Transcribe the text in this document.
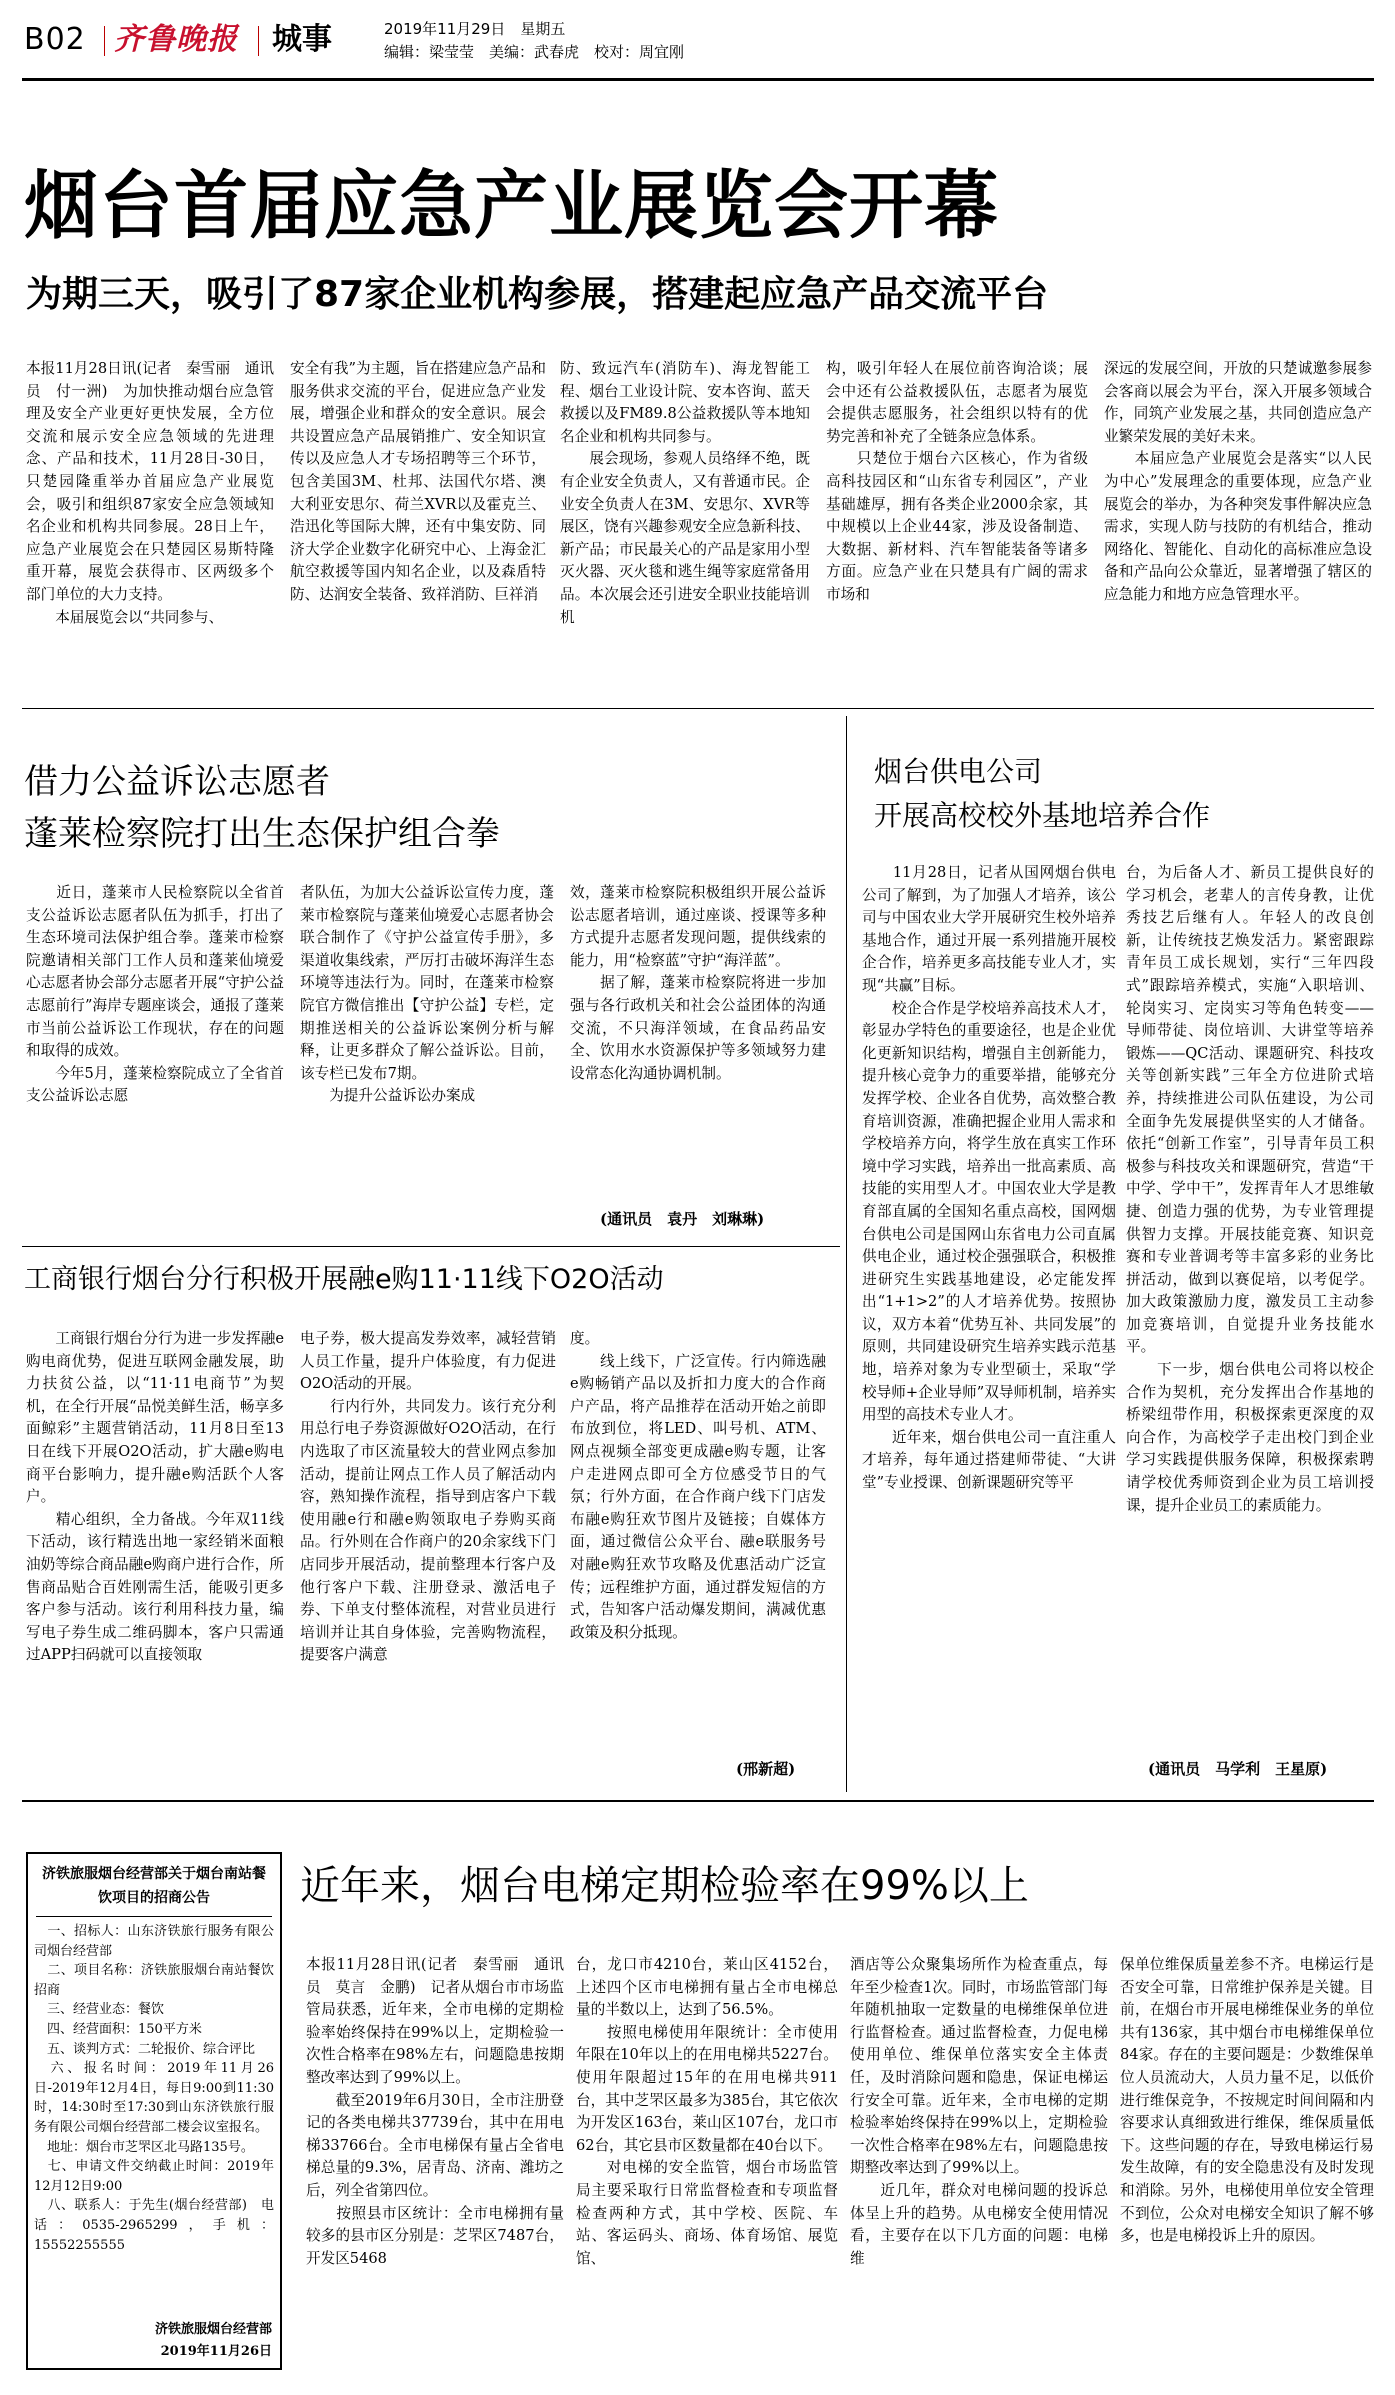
B02 齐鲁晚报 城事	2019年11月29日　星期五
编辑：梁莹莹　美编：武春虎　校对：周宜刚
烟台首届应急产业展览会开幕
为期三天，吸引了87家企业机构参展，搭建起应急产品交流平台
本报11月28日讯(记者　秦雪丽　通讯员　付一洲)　为加快推动烟台应急管理及安全产业更好更快发展，全方位交流和展示安全应急领域的先进理念、产品和技术，11月28日-30日，只楚园隆重举办首届应急产业展览会，吸引和组织87家安全应急领域知名企业和机构共同参展。28日上午，应急产业展览会在只楚园区易斯特隆重开幕，展览会获得市、区两级多个部门单位的大力支持。
　　本届展览会以“共同参与、
安全有我”为主题，旨在搭建应急产品和服务供求交流的平台，促进应急产业发展，增强企业和群众的安全意识。展会共设置应急产品展销推广、安全知识宣传以及应急人才专场招聘等三个环节，包含美国3M、杜邦、法国代尔塔、澳大利亚安思尔、荷兰XVR以及霍克兰、浩迅化等国际大牌，还有中集安防、同济大学企业数字化研究中心、上海金汇航空救援等国内知名企业，以及森盾特防、达润安全装备、致祥消防、巨祥消
防、致远汽车(消防车)、海龙智能工程、烟台工业设计院、安本咨询、蓝天救援以及FM89.8公益救援队等本地知名企业和机构共同参与。
　　展会现场，参观人员络绎不绝，既有企业安全负责人，又有普通市民。企业安全负责人在3M、安思尔、XVR等展区，饶有兴趣参观安全应急新科技、新产品；市民最关心的产品是家用小型灭火器、灭火毯和逃生绳等家庭常备用品。本次展会还引进安全职业技能培训机
构，吸引年轻人在展位前咨询洽谈；展会中还有公益救援队伍，志愿者为展览会提供志愿服务，社会组织以特有的优势完善和补充了全链条应急体系。
　　只楚位于烟台六区核心，作为省级高科技园区和“山东省专利园区”，产业基础雄厚，拥有各类企业2000余家，其中规模以上企业44家，涉及设备制造、大数据、新材料、汽车智能装备等诸多方面。应急产业在只楚具有广阔的需求市场和
深远的发展空间，开放的只楚诚邀参展参会客商以展会为平台，深入开展多领域合作，同筑产业发展之基，共同创造应急产业繁荣发展的美好未来。
　　本届应急产业展览会是落实“以人民为中心”发展理念的重要体现，应急产业展览会的举办，为各种突发事件解决应急需求，实现人防与技防的有机结合，推动网络化、智能化、自动化的高标准应急设备和产品向公众靠近，显著增强了辖区的应急能力和地方应急管理水平。
借力公益诉讼志愿者
蓬莱检察院打出生态保护组合拳
　　近日，蓬莱市人民检察院以全省首支公益诉讼志愿者队伍为抓手，打出了生态环境司法保护组合拳。蓬莱市检察院邀请相关部门工作人员和蓬莱仙境爱心志愿者协会部分志愿者开展“守护公益志愿前行”海岸专题座谈会，通报了蓬莱市当前公益诉讼工作现状，存在的问题和取得的成效。
　　今年5月，蓬莱检察院成立了全省首支公益诉讼志愿
者队伍，为加大公益诉讼宣传力度，蓬莱市检察院与蓬莱仙境爱心志愿者协会联合制作了《守护公益宣传手册》，多渠道收集线索，严厉打击破坏海洋生态环境等违法行为。同时，在蓬莱市检察院官方微信推出【守护公益】专栏，定期推送相关的公益诉讼案例分析与解释，让更多群众了解公益诉讼。目前，该专栏已发布7期。
　　为提升公益诉讼办案成
效，蓬莱市检察院积极组织开展公益诉讼志愿者培训，通过座谈、授课等多种方式提升志愿者发现问题，提供线索的能力，用“检察蓝”守护“海洋蓝”。
　　据了解，蓬莱市检察院将进一步加强与各行政机关和社会公益团体的沟通交流，不只海洋领域，在食品药品安全、饮用水水资源保护等多领域努力建设常态化沟通协调机制。
(通讯员　袁丹　刘琳琳)
工商银行烟台分行积极开展融e购11·11线下O2O活动
　　工商银行烟台分行为进一步发挥融e购电商优势，促进互联网金融发展，助力扶贫公益，以“11·11电商节”为契机，在全行开展“品悦美鲜生活，畅享多面鲸彩”主题营销活动，11月8日至13日在线下开展O2O活动，扩大融e购电商平台影响力，提升融e购活跃个人客户。
　　精心组织，全力备战。今年双11线下活动，该行精选出地一家经销米面粮油奶等综合商品融e购商户进行合作，所售商品贴合百姓刚需生活，能吸引更多客户参与活动。该行利用科技力量，编写电子券生成二维码脚本，客户只需通过APP扫码就可以直接领取
电子券，极大提高发券效率，减轻营销人员工作量，提升户体验度，有力促进O2O活动的开展。
　　行内行外，共同发力。该行充分利用总行电子券资源做好O2O活动，在行内选取了市区流量较大的营业网点参加活动，提前让网点工作人员了解活动内容，熟知操作流程，指导到店客户下载使用融e行和融e购领取电子券购买商品。行外则在合作商户的20余家线下门店同步开展活动，提前整理本行客户及他行客户下载、注册登录、激活电子券、下单支付整体流程，对营业员进行培训并让其自身体验，完善购物流程，提要客户满意
度。
　　线上线下，广泛宣传。行内筛选融e购畅销产品以及折扣力度大的合作商户产品，将产品推荐在活动开始之前即布放到位，将LED、叫号机、ATM、网点视频全部变更成融e购专题，让客户走进网点即可全方位感受节日的气氛；行外方面，在合作商户线下门店发布融e购狂欢节图片及链接；自媒体方面，通过微信公众平台、融e联服务号对融e购狂欢节攻略及优惠活动广泛宣传；远程维护方面，通过群发短信的方式，告知客户活动爆发期间，满减优惠政策及积分抵现。
(邢新超)
烟台供电公司
开展高校校外基地培养合作
　　11月28日，记者从国网烟台供电公司了解到，为了加强人才培养，该公司与中国农业大学开展研究生校外培养基地合作，通过开展一系列措施开展校企合作，培养更多高技能专业人才，实现“共赢”目标。
　　校企合作是学校培养高技术人才，彰显办学特色的重要途径，也是企业优化更新知识结构，增强自主创新能力，提升核心竞争力的重要举措，能够充分发挥学校、企业各自优势，高效整合教育培训资源，准确把握企业用人需求和学校培养方向，将学生放在真实工作环境中学习实践，培养出一批高素质、高技能的实用型人才。中国农业大学是教育部直属的全国知名重点高校，国网烟台供电公司是国网山东省电力公司直属供电企业，通过校企强强联合，积极推进研究生实践基地建设，必定能发挥出“1+1>2”的人才培养优势。按照协议，双方本着“优势互补、共同发展”的原则，共同建设研究生培养实践示范基地，培养对象为专业型硕士，采取“学校导师+企业导师”双导师机制，培养实用型的高技术专业人才。
　　近年来，烟台供电公司一直注重人才培养，每年通过搭建师带徒、“大讲堂”专业授课、创新课题研究等平
台，为后备人才、新员工提供良好的学习机会，老辈人的言传身教，让优秀技艺后继有人。年轻人的改良创新，让传统技艺焕发活力。紧密跟踪青年员工成长规划，实行“三年四段式”跟踪培养模式，实施“入职培训、轮岗实习、定岗实习等角色转变——导师带徒、岗位培训、大讲堂等培养锻炼——QC活动、课题研究、科技攻关等创新实践”三年全方位进阶式培养，持续推进公司队伍建设，为公司全面争先发展提供坚实的人才储备。依托“创新工作室”，引导青年员工积极参与科技攻关和课题研究，营造“干中学、学中干”，发挥青年人才思维敏捷、创造力强的优势，为专业管理提供智力支撑。开展技能竞赛、知识竞赛和专业普调考等丰富多彩的业务比拼活动，做到以赛促培，以考促学。加大政策激励力度，激发员工主动参加竞赛培训，自觉提升业务技能水平。
　　下一步，烟台供电公司将以校企合作为契机，充分发挥出合作基地的桥梁纽带作用，积极探索更深度的双向合作，为高校学子走出校门到企业学习实践提供服务保障，积极探索聘请学校优秀师资到企业为员工培训授课，提升企业员工的素质能力。
(通讯员　马学利　王星原)
济铁旅服烟台经营部关于烟台南站餐饮项目的招商公告
　一、招标人：山东济铁旅行服务有限公司烟台经营部
　二、项目名称：济铁旅服烟台南站餐饮招商
　三、经营业态：餐饮
　四、经营面积：150平方米
　五、谈判方式：二轮报价、综合评比
　六、报名时间：2019年11月26日-2019年12月4日，每日9:00到11:30时，14:30时至17:30到山东济铁旅行服务有限公司烟台经营部二楼会议室报名。
　地址：烟台市芝罘区北马路135号。
　七、申请文件交纳截止时间：2019年12月12日9:00
　八、联系人：于先生(烟台经营部)　电话：0535-2965299，手机：15552255555
济铁旅服烟台经营部
2019年11月26日
近年来，烟台电梯定期检验率在99%以上
本报11月28日讯(记者　秦雪丽　通讯员　莫言　金鹏)　记者从烟台市市场监管局获悉，近年来，全市电梯的定期检验率始终保持在99%以上，定期检验一次性合格率在98%左右，问题隐患按期整改率达到了99%以上。
　　截至2019年6月30日，全市注册登记的各类电梯共37739台，其中在用电梯33766台。全市电梯保有量占全省电梯总量的9.3%，居青岛、济南、潍坊之后，列全省第四位。
　　按照县市区统计：全市电梯拥有量较多的县市区分别是：芝罘区7487台，开发区5468
台，龙口市4210台，莱山区4152台，上述四个区市电梯拥有量占全市电梯总量的半数以上，达到了56.5%。
　　按照电梯使用年限统计：全市使用年限在10年以上的在用电梯共5227台。使用年限超过15年的在用电梯共911台，其中芝罘区最多为385台，其它依次为开发区163台，莱山区107台，龙口市62台，其它县市区数量都在40台以下。
　　对电梯的安全监管，烟台市场监管局主要采取行日常监督检查和专项监督检查两种方式，其中学校、医院、车站、客运码头、商场、体育场馆、展览馆、
酒店等公众聚集场所作为检查重点，每年至少检查1次。同时，市场监管部门每年随机抽取一定数量的电梯维保单位进行监督检查。通过监督检查，力促电梯使用单位、维保单位落实安全主体责任，及时消除问题和隐患，保证电梯运行安全可靠。近年来，全市电梯的定期检验率始终保持在99%以上，定期检验一次性合格率在98%左右，问题隐患按期整改率达到了99%以上。
　　近几年，群众对电梯问题的投诉总体呈上升的趋势。从电梯安全使用情况看，主要存在以下几方面的问题：电梯维
保单位维保质量差参不齐。电梯运行是否安全可靠，日常维护保养是关键。目前，在烟台市开展电梯维保业务的单位共有136家，其中烟台市电梯维保单位84家。存在的主要问题是：少数维保单位人员流动大，人员力量不足，以低价进行维保竞争，不按规定时间间隔和内容要求认真细致进行维保，维保质量低下。这些问题的存在，导致电梯运行易发生故障，有的安全隐患没有及时发现和消除。另外，电梯使用单位安全管理不到位，公众对电梯安全知识了解不够多，也是电梯投诉上升的原因。
